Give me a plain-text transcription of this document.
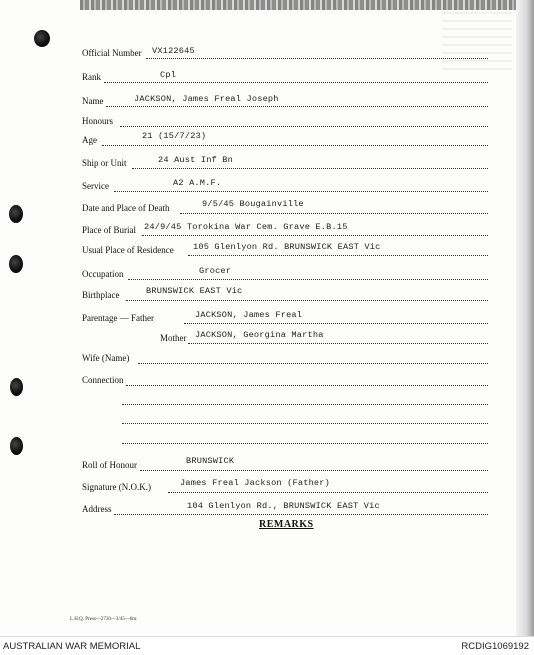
Official Number VX122645
Rank	Cpl
Name	JACKSON, James Freal Joseph
Honours
Age	21 (15/7/23)
Ship or Unit	24 Aust Inf Bn
Service	A2 A.M.F.
Date and Place of Death	9/5/45 Bougainville
Place of Burial 24/9/45 Torokina War Cem. Grave E.B.15
Usual Place of Residence 105 Glenlyon Rd. BRUNSWICK EAST Vic
Occupation	Grocer
Birthplace	BRUNSWICK EAST Vic
Parentage — Father	JACKSON, James Freal
Mother JACKSON, Georgina Martha
Wife (Name)
Connection
Roll of Honour	BRUNSWICK
Signature (N.O.K.)	James Freal Jackson (Father)
Address	104 Glenlyon Rd., BRUNSWICK EAST Vic
REMARKS
L.H.Q. Press—2730—3/45—6m.
AUSTRALIAN WAR MEMORIAL	RCDIG1069192
